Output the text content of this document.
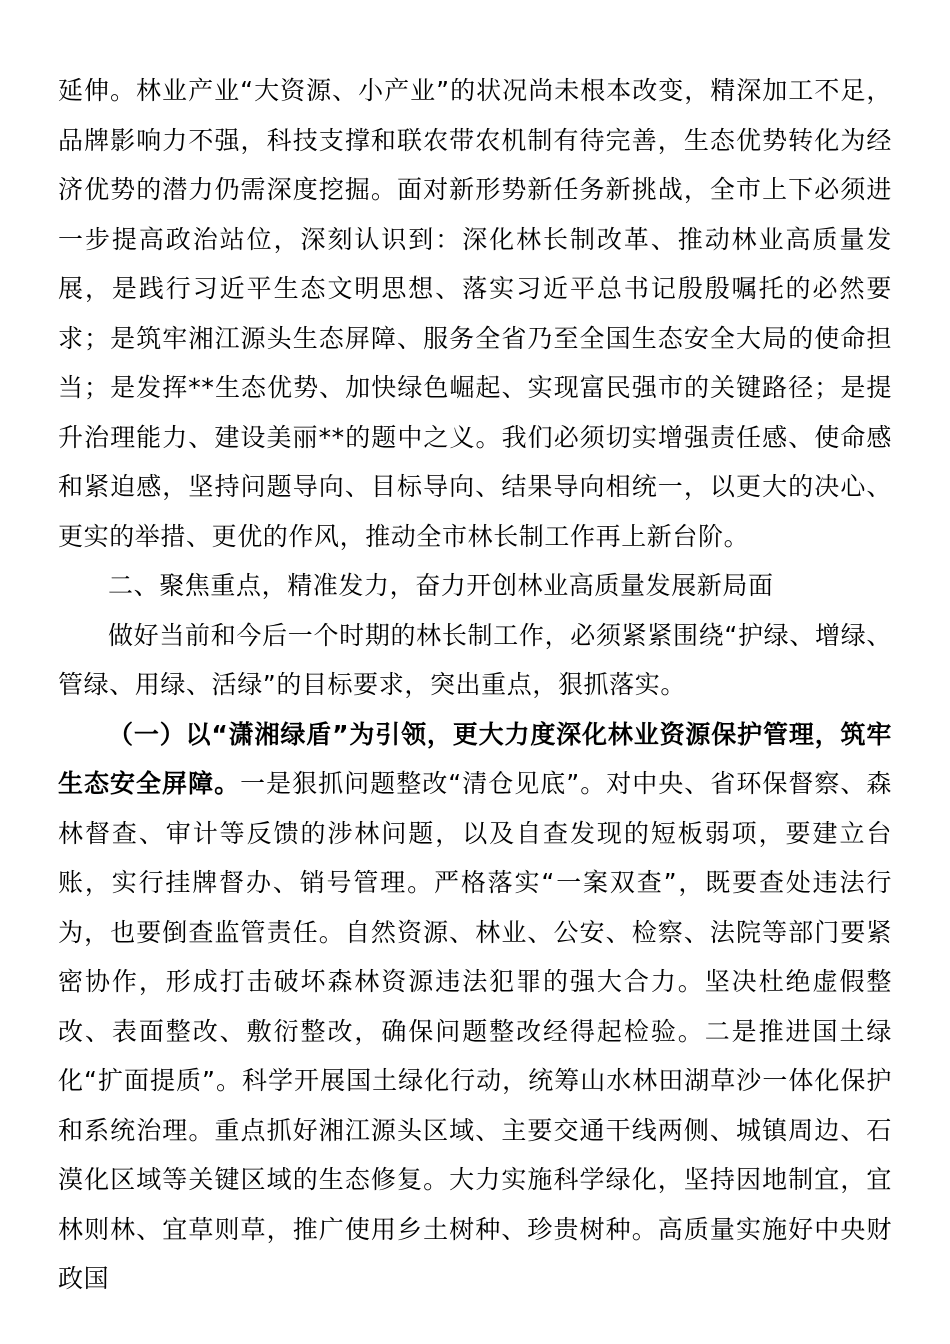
延伸。林业产业“大资源、小产业”的状况尚未根本改变，精深加工不足，品牌影响力不强，科技支撑和联农带农机制有待完善，生态优势转化为经济优势的潜力仍需深度挖掘。面对新形势新任务新挑战，全市上下必须进一步提高政治站位，深刻认识到：深化林长制改革、推动林业高质量发展，是践行习近平生态文明思想、落实习近平总书记殷殷嘱托的必然要求；是筑牢湘江源头生态屏障、服务全省乃至全国生态安全大局的使命担当；是发挥**生态优势、加快绿色崛起、实现富民强市的关键路径；是提升治理能力、建设美丽**的题中之义。我们必须切实增强责任感、使命感和紧迫感，坚持问题导向、目标导向、结果导向相统一，以更大的决心、更实的举措、更优的作风，推动全市林长制工作再上新台阶。

二、聚焦重点，精准发力，奋力开创林业高质量发展新局面

做好当前和今后一个时期的林长制工作，必须紧紧围绕“护绿、增绿、管绿、用绿、活绿”的目标要求，突出重点，狠抓落实。

（一）以“潇湘绿盾”为引领，更大力度深化林业资源保护管理，筑牢生态安全屏障。一是狠抓问题整改“清仓见底”。对中央、省环保督察、森林督查、审计等反馈的涉林问题，以及自查发现的短板弱项，要建立台账，实行挂牌督办、销号管理。严格落实“一案双查”，既要查处违法行为，也要倒查监管责任。自然资源、林业、公安、检察、法院等部门要紧密协作，形成打击破坏森林资源违法犯罪的强大合力。坚决杜绝虚假整改、表面整改、敷衍整改，确保问题整改经得起检验。二是推进国土绿化“扩面提质”。科学开展国土绿化行动，统筹山水林田湖草沙一体化保护和系统治理。重点抓好湘江源头区域、主要交通干线两侧、城镇周边、石漠化区域等关键区域的生态修复。大力实施科学绿化，坚持因地制宜，宜林则林、宜草则草，推广使用乡土树种、珍贵树种。高质量实施好中央财政国
